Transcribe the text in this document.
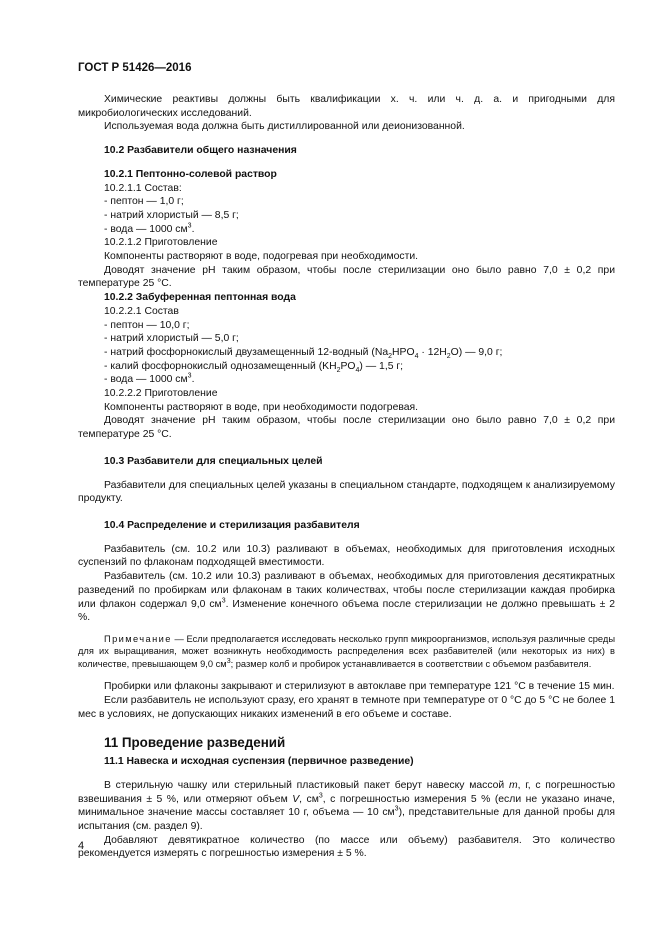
ГОСТ Р 51426—2016

Химические реактивы должны быть квалификации х. ч. или ч. д. а. и пригодными для микробиологических исследований.

Используемая вода должна быть дистиллированной или деионизованной.

10.2 Разбавители общего назначения

10.2.1 Пептонно-солевой раствор

10.2.1.1 Состав:

- пептон — 1,0 г;

- натрий хлористый — 8,5 г;

- вода — 1000 $см^3$.

10.2.1.2 Приготовление

Компоненты растворяют в воде, подогревая при необходимости.

Доводят значение pH таким образом, чтобы после стерилизации оно было равно 7,0 ± 0,2 при температуре 25 °С.

10.2.2 Забуференная пептонная вода

10.2.2.1 Состав

- пептон — 10,0 г;

- натрий хлористый — 5,0 г;

- натрий фосфорнокислый двузамещенный 12-водный $(Na_2HPO_4 \cdot 12H_2O)$ — 9,0 г;

- калий фосфорнокислый однозамещенный $(KH_2PO_4)$ — 1,5 г;

- вода — 1000 $см^3$.

10.2.2.2 Приготовление

Компоненты растворяют в воде, при необходимости подогревая.

Доводят значение pH таким образом, чтобы после стерилизации оно было равно 7,0 ± 0,2 при температуре 25 °С.

10.3 Разбавители для специальных целей

Разбавители для специальных целей указаны в специальном стандарте, подходящем к анализируемому продукту.

10.4 Распределение и стерилизация разбавителя

Разбавитель (см. 10.2 или 10.3) разливают в объемах, необходимых для приготовления исходных суспензий по флаконам подходящей вместимости.

Разбавитель (см. 10.2 или 10.3) разливают в объемах, необходимых для приготовления десятикратных разведений по пробиркам или флаконам в таких количествах, чтобы после стерилизации каждая пробирка или флакон содержал 9,0 $см^3$. Изменение конечного объема после стерилизации не должно превышать ± 2 %.

Примечание — Если предполагается исследовать несколько групп микроорганизмов, используя различные среды для их выращивания, может возникнуть необходимость распределения всех разбавителей (или некоторых из них) в количестве, превышающем 9,0 $см^3$; размер колб и пробирок устанавливается в соответствии с объемом разбавителя.

Пробирки или флаконы закрывают и стерилизуют в автоклаве при температуре 121 °С в течение 15 мин.

Если разбавитель не используют сразу, его хранят в темноте при температуре от 0 °С до 5 °С не более 1 мес в условиях, не допускающих никаких изменений в его объеме и составе.

11 Проведение разведений

11.1 Навеска и исходная суспензия (первичное разведение)

В стерильную чашку или стерильный пластиковый пакет берут навеску массой m, г, с погрешностью взвешивания ± 5 %, или отмеряют объем V, $см^3$, с погрешностью измерения 5 % (если не указано иначе, минимальное значение массы составляет 10 г, объема — 10 $см^3$), представительные для данной пробы для испытания (см. раздел 9).

Добавляют девятикратное количество (по массе или объему) разбавителя. Это количество рекомендуется измерять с погрешностью измерения ± 5 %.

4
